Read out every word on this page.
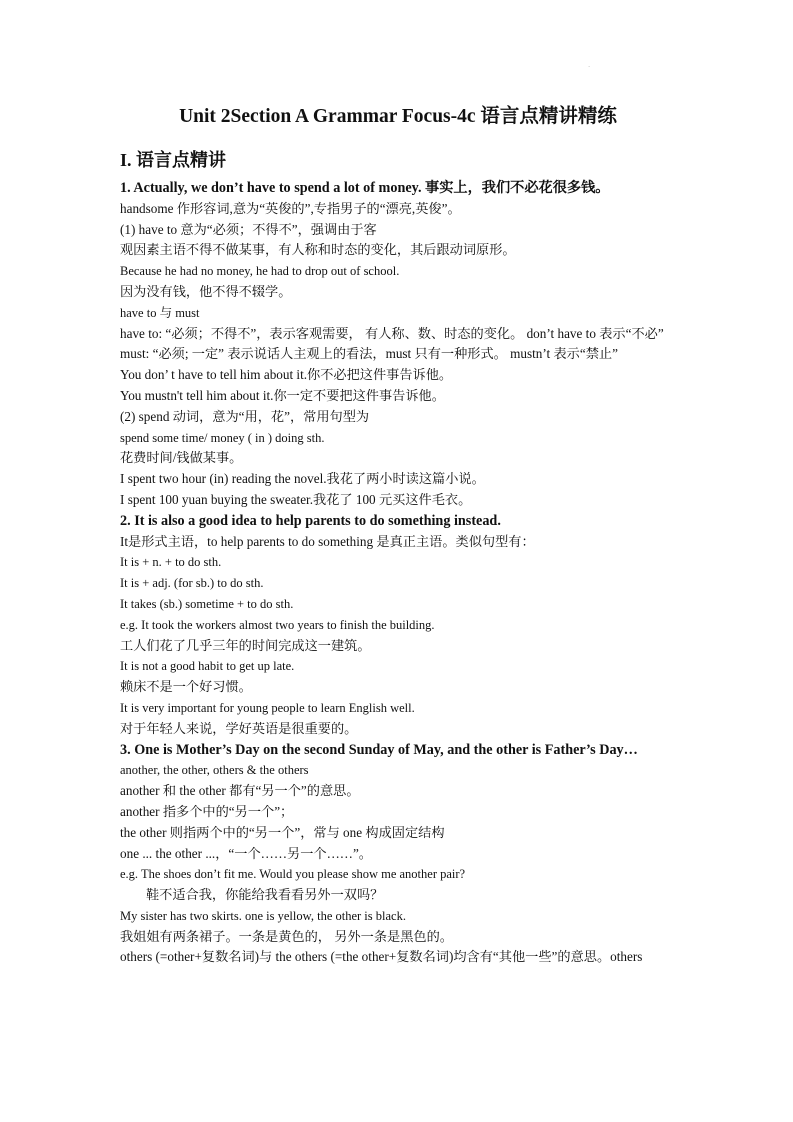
.
Unit 2Section A Grammar Focus-4c 语言点精讲精练
I. 语言点精讲
1. Actually, we don’t have to spend a lot of money. 事实上，我们不必花很多钱。
handsome 作形容词,意为“英俊的”,专指男子的“漂亮,英俊”。
(1) have to 意为“必须；不得不”，强调由于客
观因素主语不得不做某事，有人称和时态的变化，其后跟动词原形。
Because he had no money, he had to drop out of school.
因为没有钱，他不得不辍学。
have to 与 must
have to: “必须；不得不”，表示客观需要， 有人称、数、时态的变化。 don’t have to 表示“不必”
must: “必须; 一定” 表示说话人主观上的看法，must 只有一种形式。 mustn’t 表示“禁止”
You don’ t have to tell him about it.你不必把这件事告诉他。
You mustn't tell him about it.你一定不要把这件事告诉他。
(2) spend 动词，意为“用，花”，常用句型为
spend some time/ money ( in ) doing sth.
花费时间/钱做某事。
I spent two hour (in) reading the novel.我花了两小时读这篇小说。
I spent 100 yuan buying the sweater.我花了 100 元买这件毛衣。
2. It is also a good idea to help parents to do something instead.
It是形式主语，to help parents to do something 是真正主语。类似句型有：
It is + n. + to do sth.
It is + adj. (for sb.) to do sth.
It takes (sb.) sometime + to do sth.
e.g. It took the workers almost two years to finish the building.
工人们花了几乎三年的时间完成这一建筑。
It is not a good habit to get up late.
赖床不是一个好习惯。
It is very important for young people to learn English well.
对于年轻人来说，学好英语是很重要的。
3. One is Mother’s Day on the second Sunday of May, and the other is Father’s Day…
another, the other, others & the others
another 和 the other 都有“另一个”的意思。
another 指多个中的“另一个”；
the other 则指两个中的“另一个”，常与 one 构成固定结构
one ... the other ...，“一个……另一个……”。
e.g. The shoes don’t fit me. Would you please show me another pair?
鞋不适合我，你能给我看看另外一双吗？
My sister has two skirts. one is yellow, the other is black.
我姐姐有两条裙子。一条是黄色的， 另外一条是黑色的。
others (=other+复数名词)与 the others (=the other+复数名词)均含有“其他一些”的意思。others
